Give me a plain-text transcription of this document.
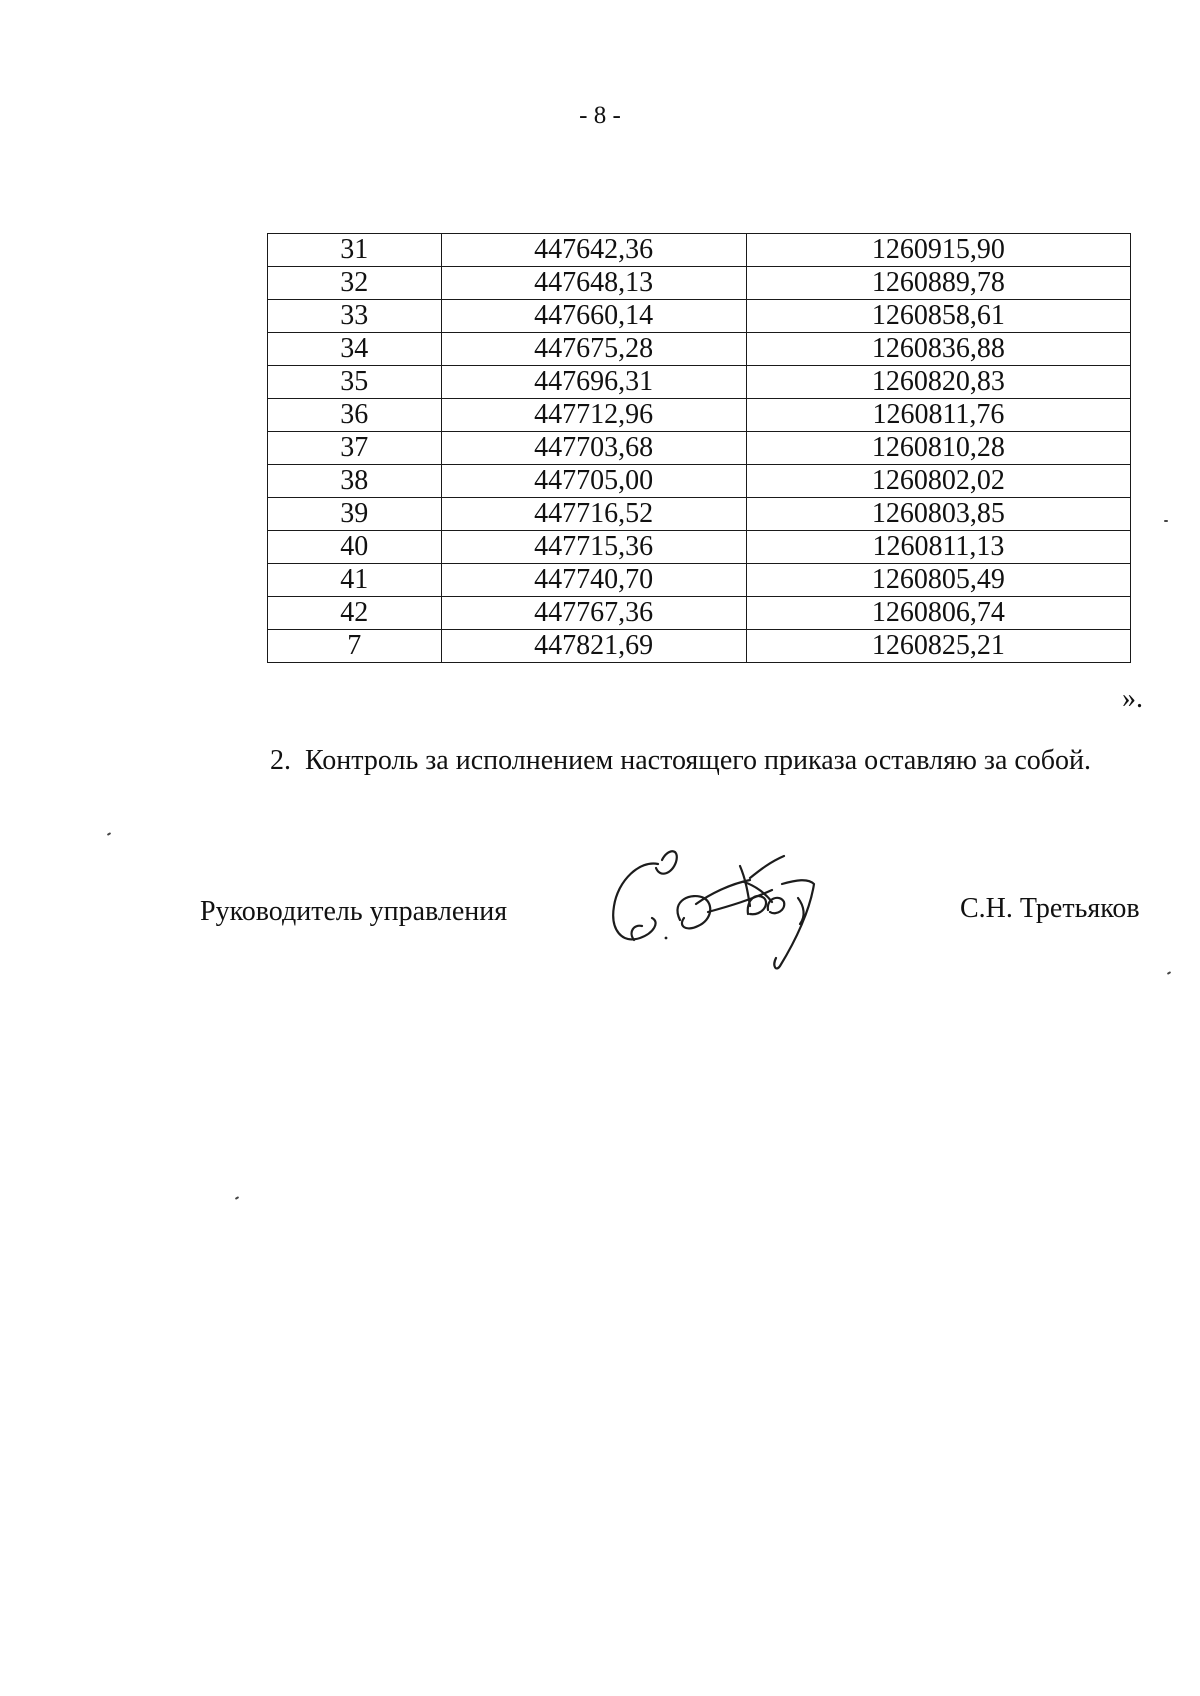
- 8 -
31	447642,36	1260915,90
32	447648,13	1260889,78
33	447660,14	1260858,61
34	447675,28	1260836,88
35	447696,31	1260820,83
36	447712,96	1260811,76
37	447703,68	1260810,28
38	447705,00	1260802,02
39	447716,52	1260803,85
40	447715,36	1260811,13
41	447740,70	1260805,49
42	447767,36	1260806,74
7	447821,69	1260825,21
».
2. Контроль за исполнением настоящего приказа оставляю за собой.
Руководитель управления	С.Н. Третьяков
